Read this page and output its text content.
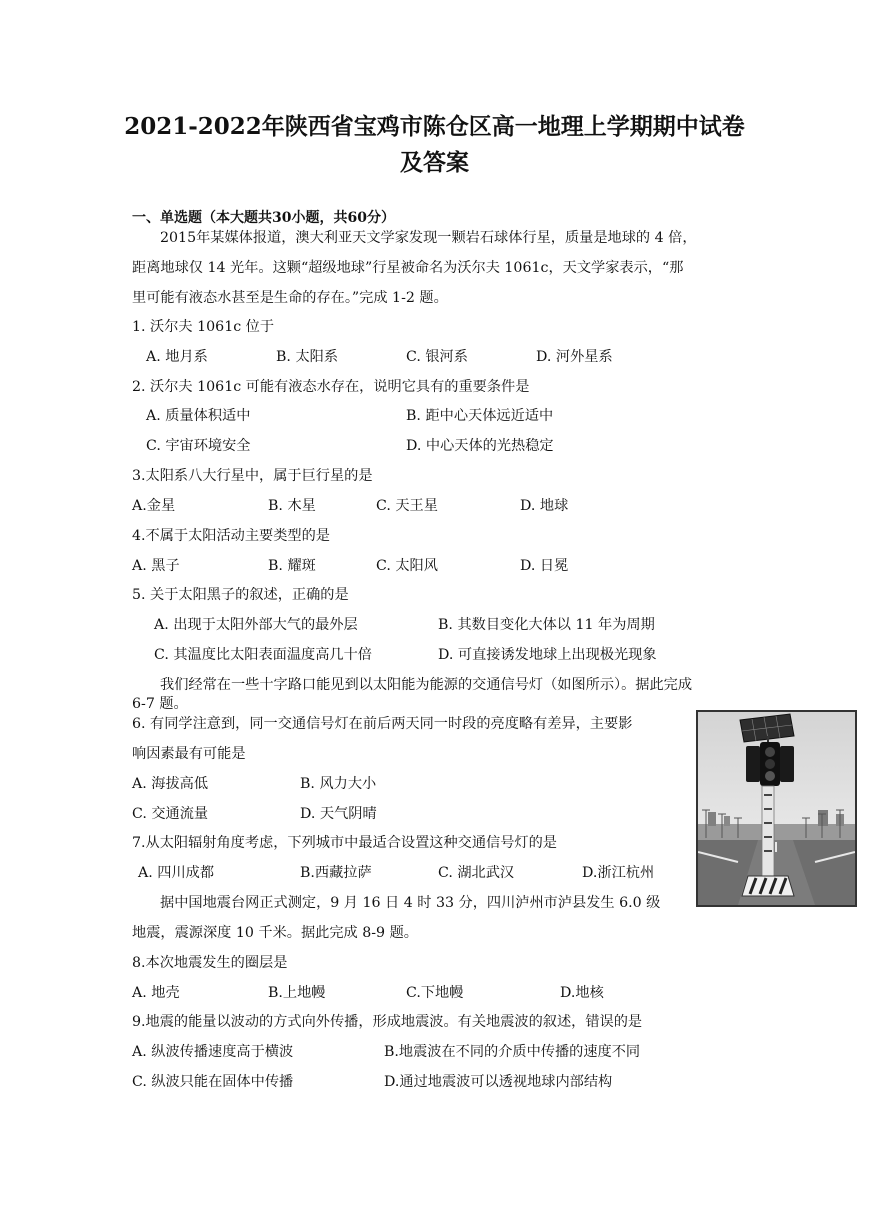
2021-2022年陕西省宝鸡市陈仓区高一地理上学期期中试卷
及答案
一、单选题（本大题共30小题，共60分）
2015年某媒体报道，澳大利亚天文学家发现一颗岩石球体行星，质量是地球的 4 倍，
距离地球仅 14 光年。这颗“超级地球”行星被命名为沃尔夫 1061c，天文学家表示，“那
里可能有液态水甚至是生命的存在。”完成 1-2 题。
1. 沃尔夫 1061c 位于
A. 地月系	B. 太阳系	C. 银河系	D. 河外星系
2. 沃尔夫 1061c 可能有液态水存在，说明它具有的重要条件是
A. 质量体积适中	B. 距中心天体远近适中
C. 宇宙环境安全	D. 中心天体的光热稳定
3.太阳系八大行星中，属于巨行星的是
A.金星	B. 木星	C. 天王星	D. 地球
4.不属于太阳活动主要类型的是
A. 黑子	B. 耀斑	C. 太阳风	D. 日冕
5. 关于太阳黑子的叙述，正确的是
A. 出现于太阳外部大气的最外层	B. 其数目变化大体以 11 年为周期
C. 其温度比太阳表面温度高几十倍	D. 可直接诱发地球上出现极光现象
我们经常在一些十字路口能见到以太阳能为能源的交通信号灯（如图所示）。据此完成
6-7 题。
6. 有同学注意到，同一交通信号灯在前后两天同一时段的亮度略有差异，主要影
响因素最有可能是
A. 海拔高低	B. 风力大小
C. 交通流量	D. 天气阴晴
7.从太阳辐射角度考虑，下列城市中最适合设置这种交通信号灯的是
A. 四川成都	B.西藏拉萨	C. 湖北武汉	D.浙江杭州
据中国地震台网正式测定，9 月 16 日 4 时 33 分，四川泸州市泸县发生 6.0 级
地震，震源深度 10 千米。据此完成 8-9 题。
8.本次地震发生的圈层是
A. 地壳	B.上地幔	C.下地幔	D.地核
9.地震的能量以波动的方式向外传播，形成地震波。有关地震波的叙述，错误的是
A. 纵波传播速度高于横波	B.地震波在不同的介质中传播的速度不同
C. 纵波只能在固体中传播	D.通过地震波可以透视地球内部结构
